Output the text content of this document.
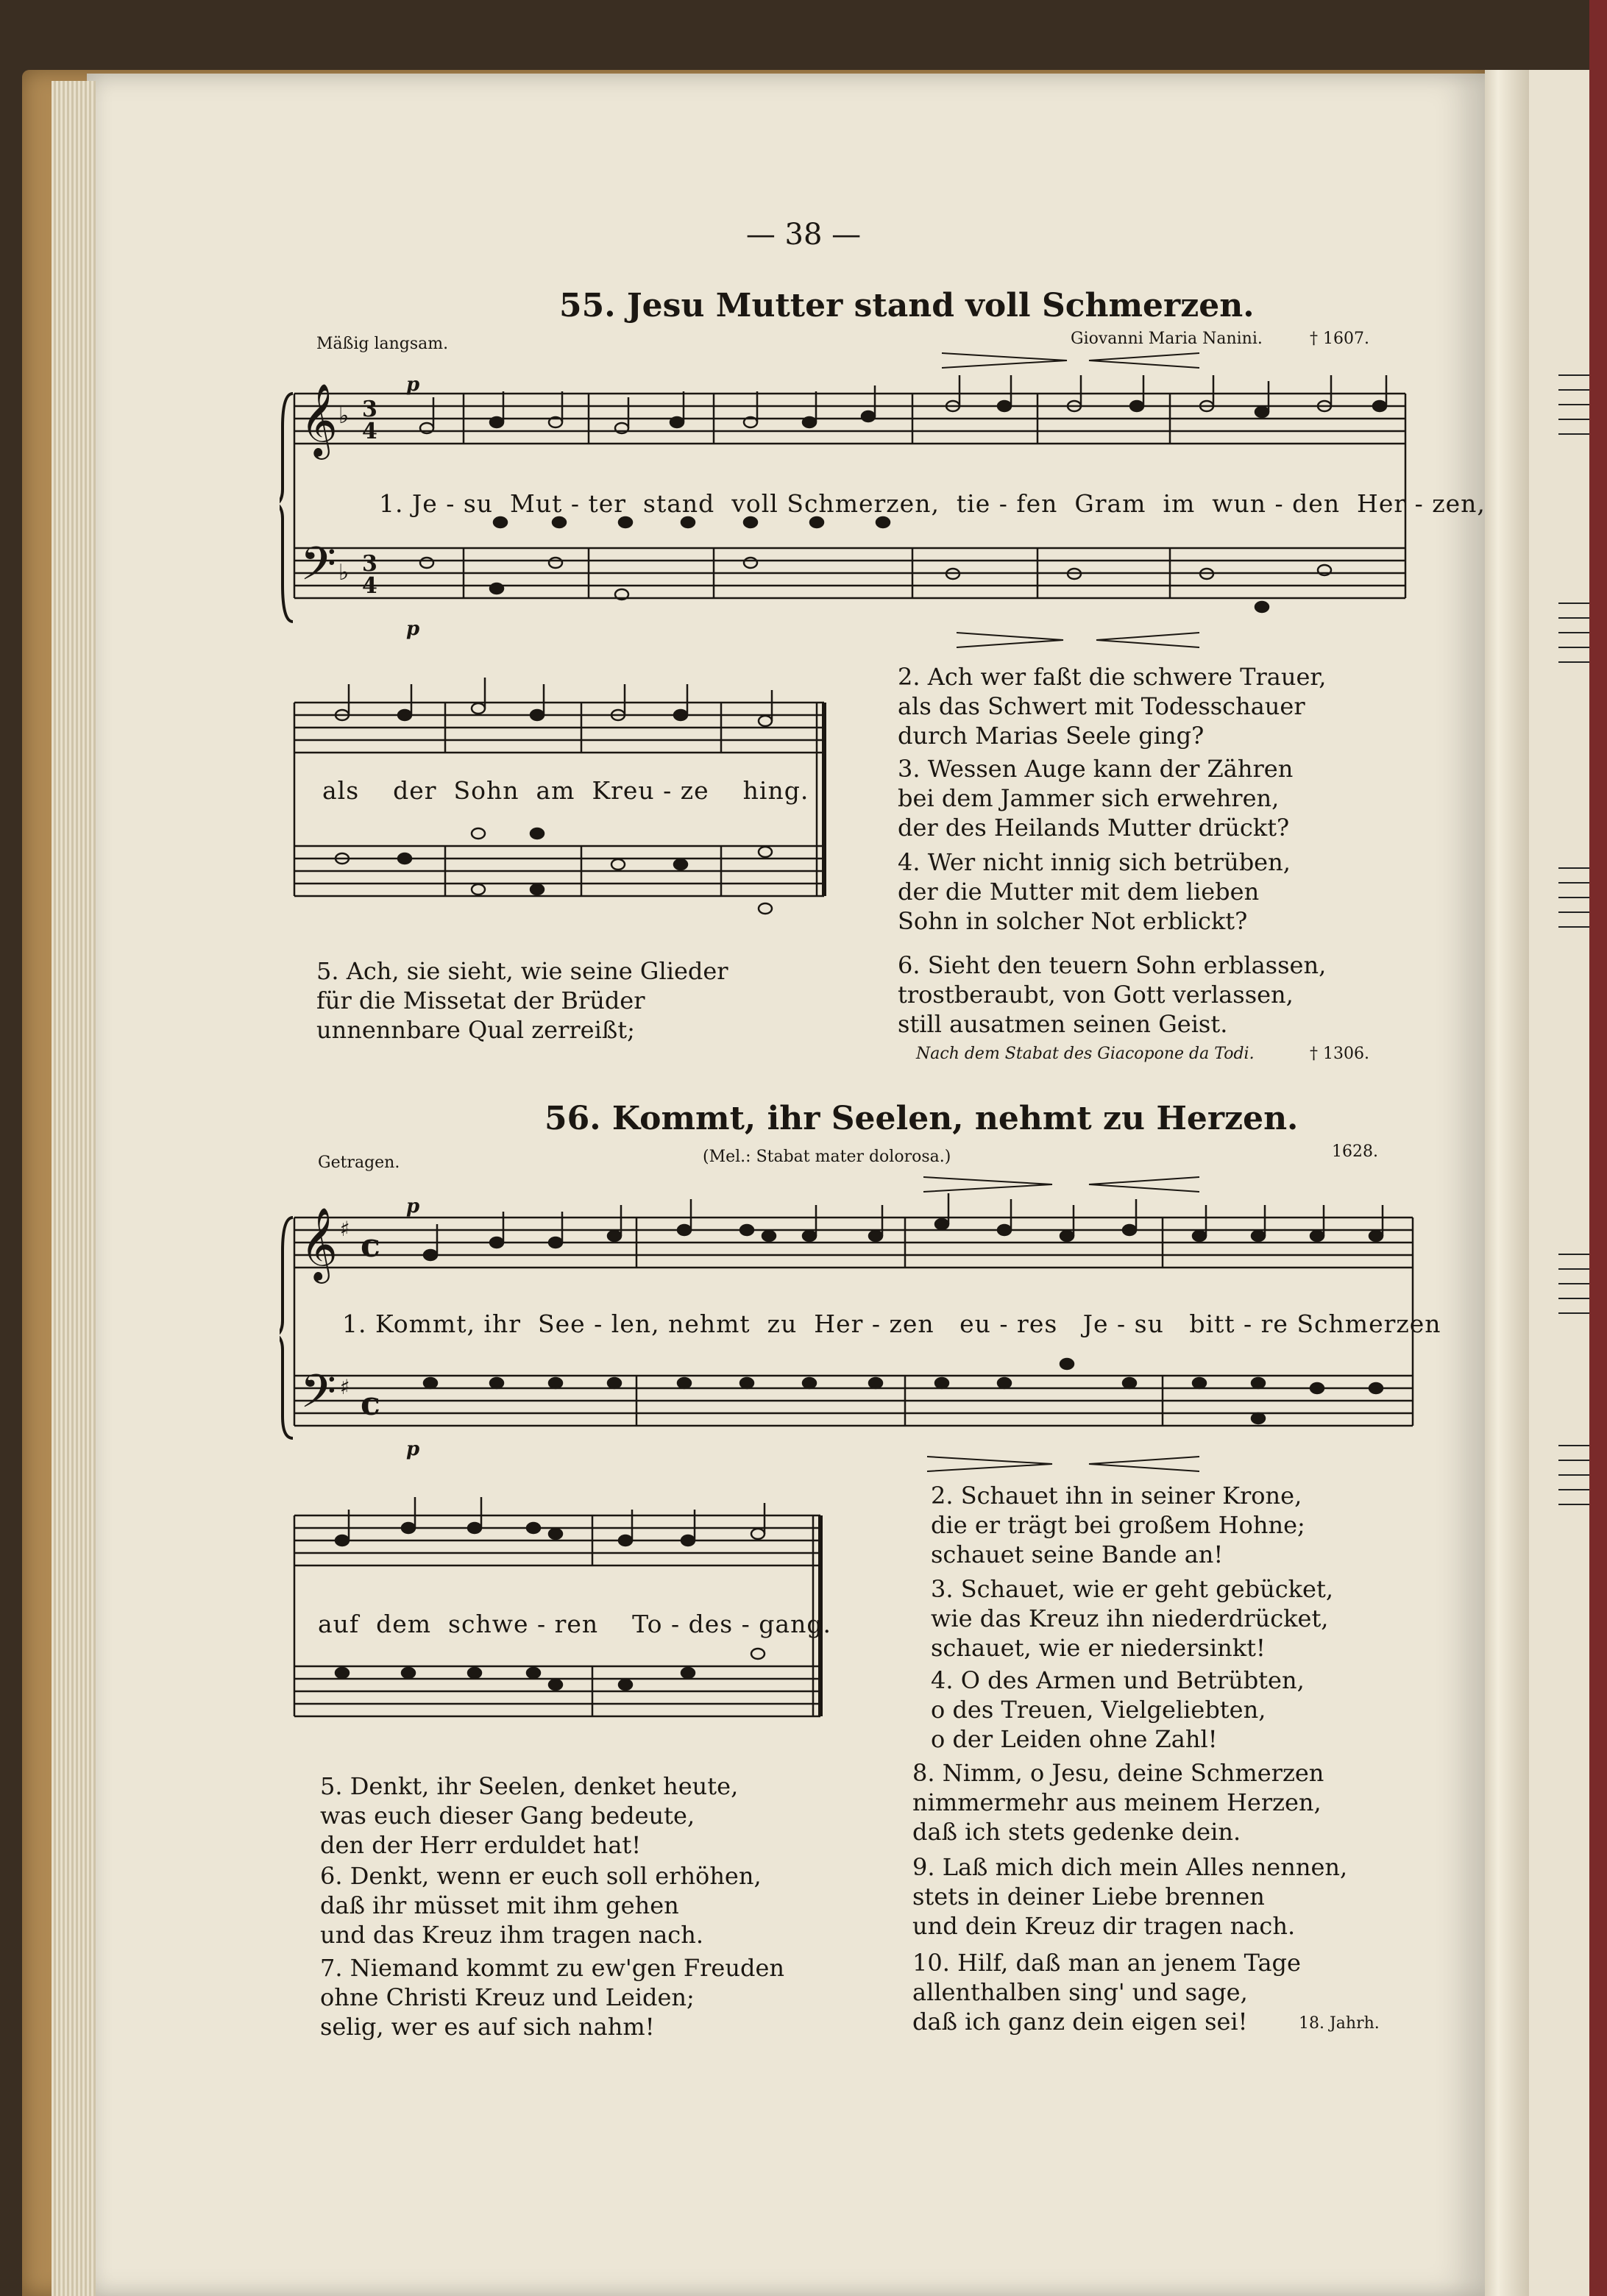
— 38 —
55. Jesu Mutter stand voll Schmerzen.
Mäßig langsam.	Giovanni Maria Nanini.	† 1607.
𝄞
𝄢
♭
♭
3
4
3
4
p
p
1. Je - su  Mut - ter  stand  voll Schmerzen,  tie - fen  Gram  im  wun - den  Her - zen,
als    der  Sohn  am  Kreu - ze    hing.
2. Ach wer faßt die schwere Trauer,
als das Schwert mit Todesschauer
durch Marias Seele ging?
3. Wessen Auge kann der Zähren
bei dem Jammer sich erwehren,
der des Heilands Mutter drückt?
4. Wer nicht innig sich betrüben,
der die Mutter mit dem lieben
Sohn in solcher Not erblickt?
6. Sieht den teuern Sohn erblassen,
trostberaubt, von Gott verlassen,
still ausatmen seinen Geist.
5. Ach, sie sieht, wie seine Glieder
für die Missetat der Brüder
unnennbare Qual zerreißt;
Nach dem Stabat des Giacopone da Todi.	† 1306.
56. Kommt, ihr Seelen, nehmt zu Herzen.
Getragen.	(Mel.: Stabat mater dolorosa.)	1628.
𝄞
𝄢
♯
♯
c
c
p
p
1. Kommt, ihr  See - len, nehmt  zu  Her - zen   eu - res   Je - su   bitt - re Schmerzen
auf  dem  schwe - ren    To - des - gang.
2. Schauet ihn in seiner Krone,
die er trägt bei großem Hohne;
schauet seine Bande an!
3. Schauet, wie er geht gebücket,
wie das Kreuz ihn niederdrücket,
schauet, wie er niedersinkt!
4. O des Armen und Betrübten,
o des Treuen, Vielgeliebten,
o der Leiden ohne Zahl!
8. Nimm, o Jesu, deine Schmerzen
nimmermehr aus meinem Herzen,
daß ich stets gedenke dein.
9. Laß mich dich mein Alles nennen,
stets in deiner Liebe brennen
und dein Kreuz dir tragen nach.
10. Hilf, daß man an jenem Tage
allenthalben sing' und sage,
daß ich ganz dein eigen sei!	18. Jahrh.
5. Denkt, ihr Seelen, denket heute,
was euch dieser Gang bedeute,
den der Herr erduldet hat!
6. Denkt, wenn er euch soll erhöhen,
daß ihr müsset mit ihm gehen
und das Kreuz ihm tragen nach.
7. Niemand kommt zu ew'gen Freuden
ohne Christi Kreuz und Leiden;
selig, wer es auf sich nahm!
